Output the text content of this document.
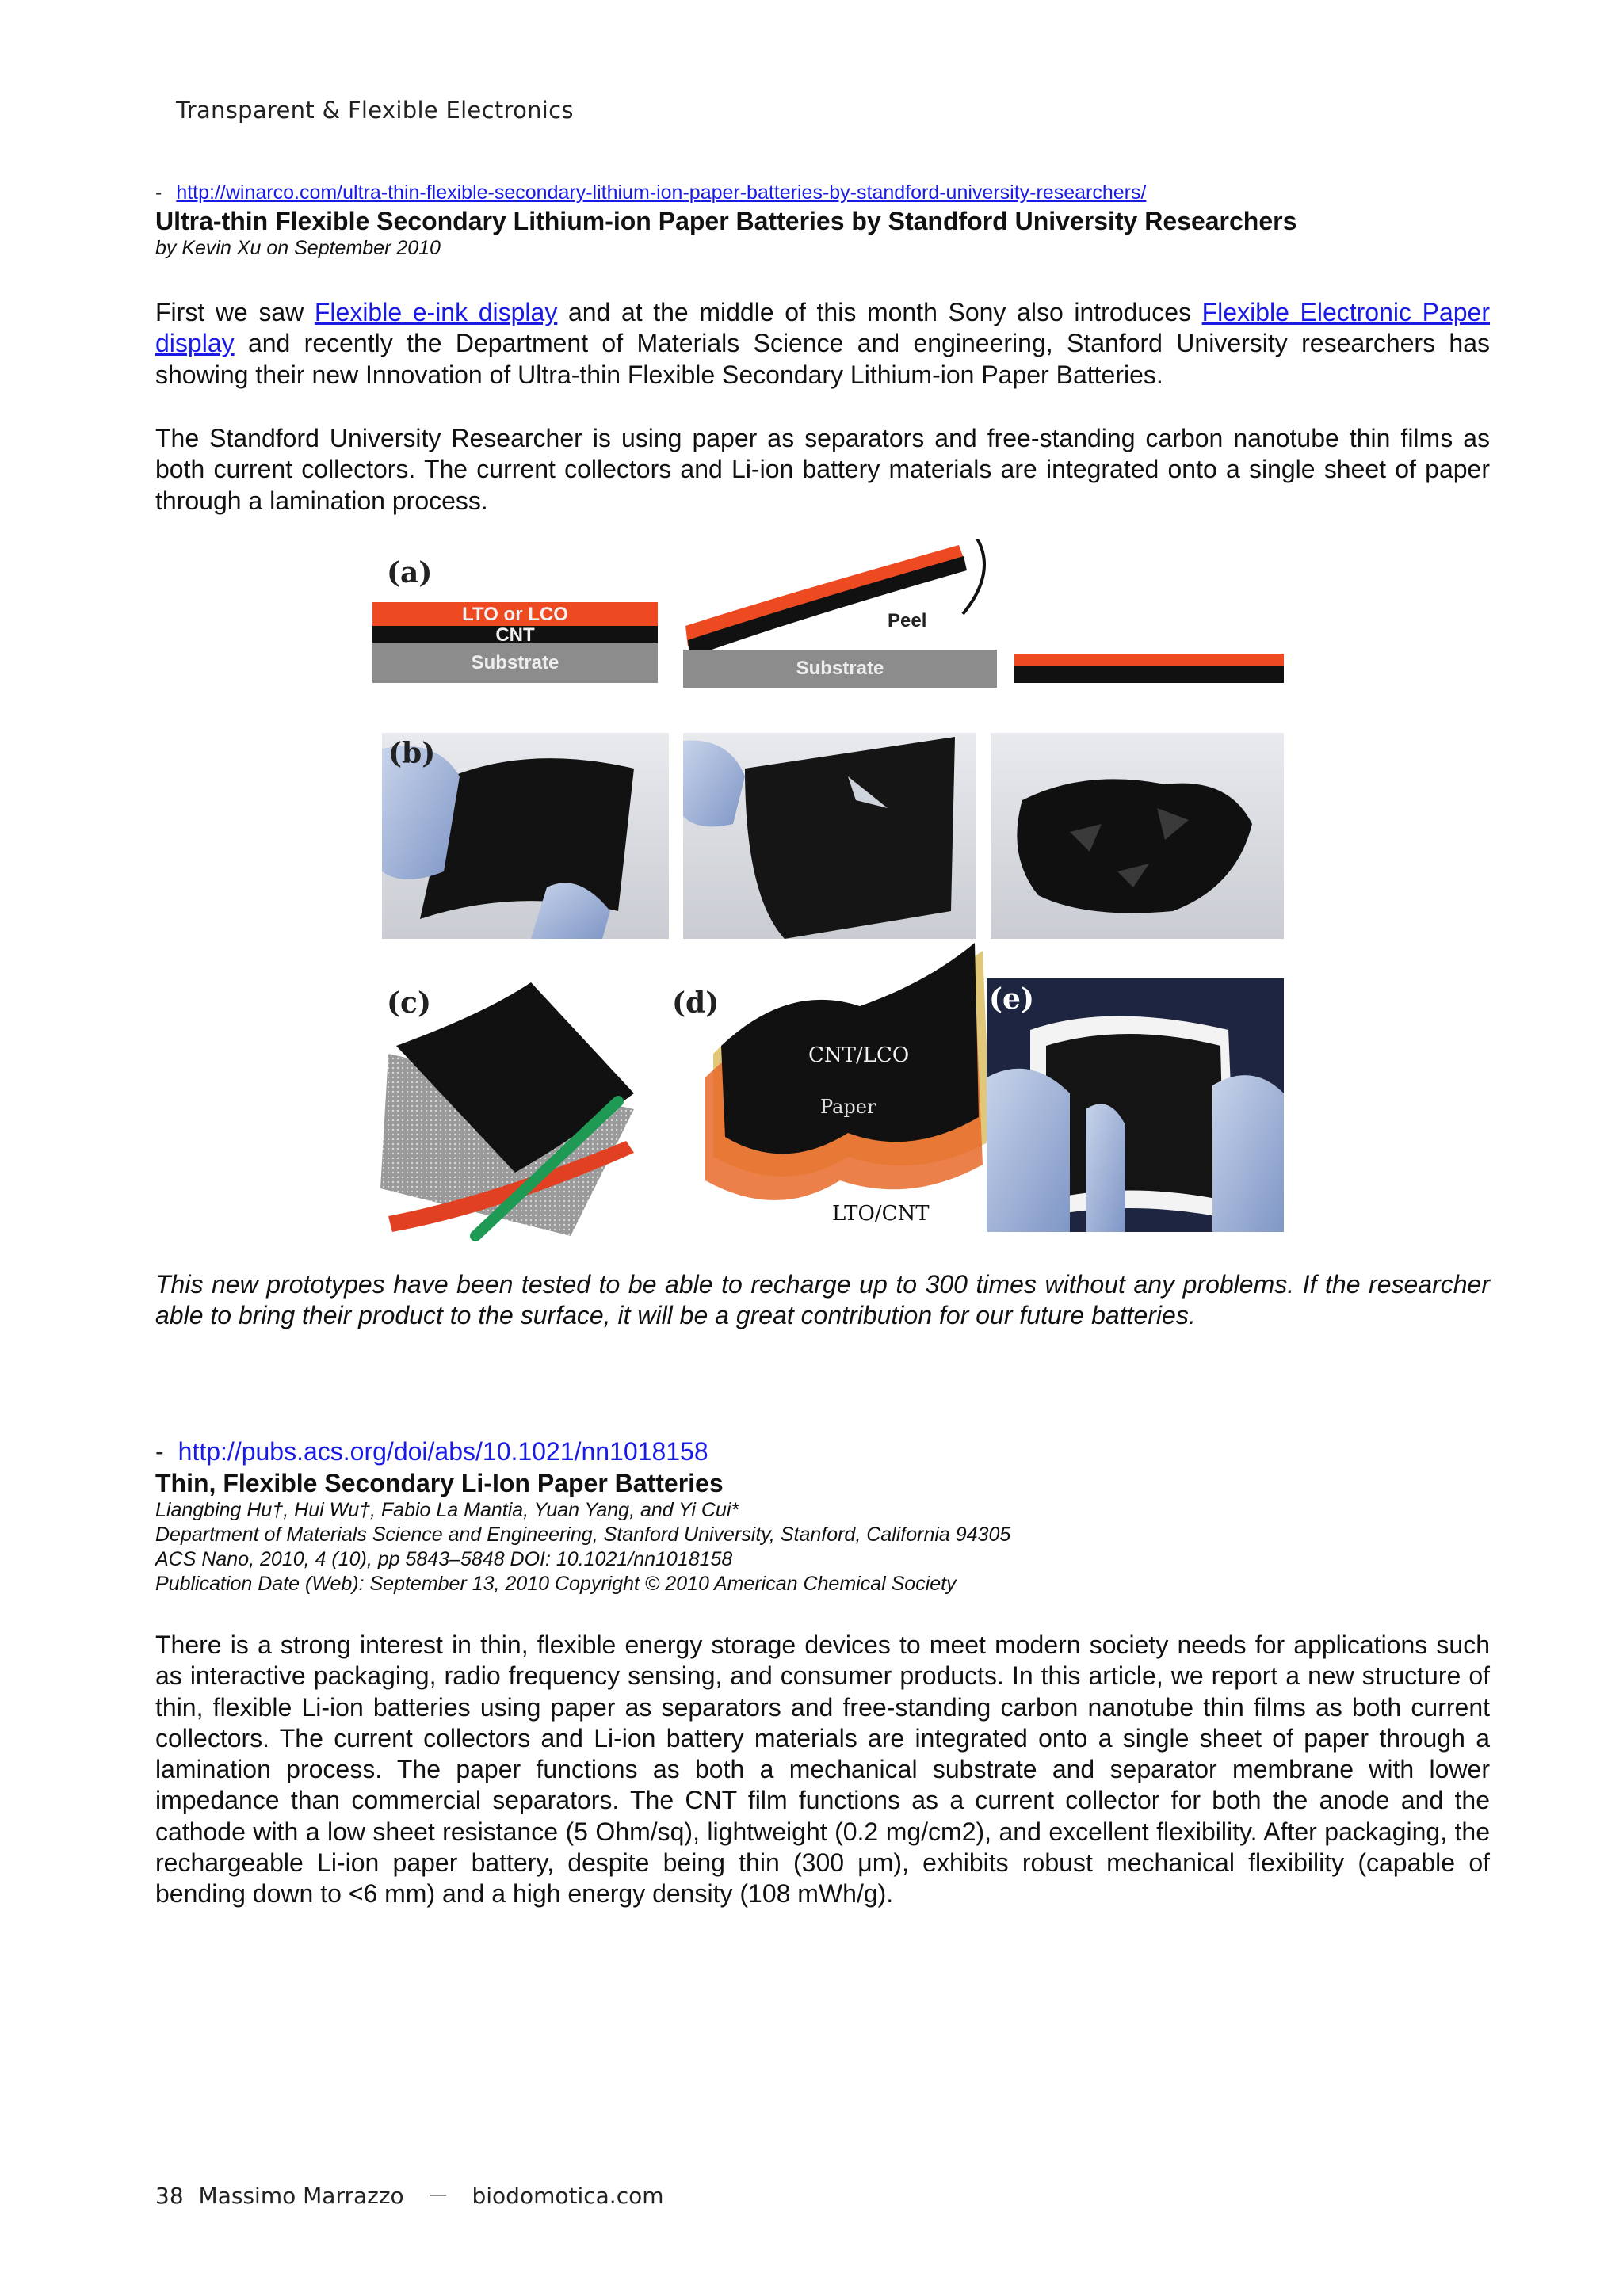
Transparent & Flexible Electronics
- http://winarco.com/ultra-thin-flexible-secondary-lithium-ion-paper-batteries-by-standford-university-researchers/
Ultra-thin Flexible Secondary Lithium-ion Paper Batteries by Standford University Researchers
by Kevin Xu on September 2010

First we saw Flexible e-ink display and at the middle of this month Sony also introduces Flexible Electronic Paper display and recently the Department of Materials Science and engineering, Stanford University researchers has showing their new Innovation of Ultra-thin Flexible Secondary Lithium-ion Paper Batteries.

The Standford University Researcher is using paper as separators and free-standing carbon nanotube thin films as both current collectors. The current collectors and Li-ion battery materials are integrated onto a single sheet of paper through a lamination process.

Paper
CNT/LCO
LTO/CNT
(a)
(b)
(c)	(d)	(e)
LTO or LCO
CNT
Substrate	Substrate
Peel

This new prototypes have been tested to be able to recharge up to 300 times without any problems. If the researcher able to bring their product to the surface, it will be a great contribution for our future batteries.

- http://pubs.acs.org/doi/abs/10.1021/nn1018158
Thin, Flexible Secondary Li-Ion Paper Batteries
Liangbing Hu†, Hui Wu†, Fabio La Mantia, Yuan Yang, and Yi Cui*
Department of Materials Science and Engineering, Stanford University, Stanford, California 94305
ACS Nano, 2010, 4 (10), pp 5843–5848 DOI: 10.1021/nn1018158
Publication Date (Web): September 13, 2010 Copyright © 2010 American Chemical Society

There is a strong interest in thin, flexible energy storage devices to meet modern society needs for applications such as interactive packaging, radio frequency sensing, and consumer products. In this article, we report a new structure of thin, flexible Li-ion batteries using paper as separators and free-standing carbon nanotube thin films as both current collectors. The current collectors and Li-ion battery materials are integrated onto a single sheet of paper through a lamination process. The paper functions as both a mechanical substrate and separator membrane with lower impedance than commercial separators. The CNT film functions as a current collector for both the anode and the cathode with a low sheet resistance (5 Ohm/sq), lightweight (0.2 mg/cm2), and excellent flexibility. After packaging, the rechargeable Li-ion paper battery, despite being thin (300 μm), exhibits robust mechanical flexibility (capable of bending down to <6 mm) and a high energy density (108 mWh/g).

38 Massimo Marrazzo － biodomotica.com
